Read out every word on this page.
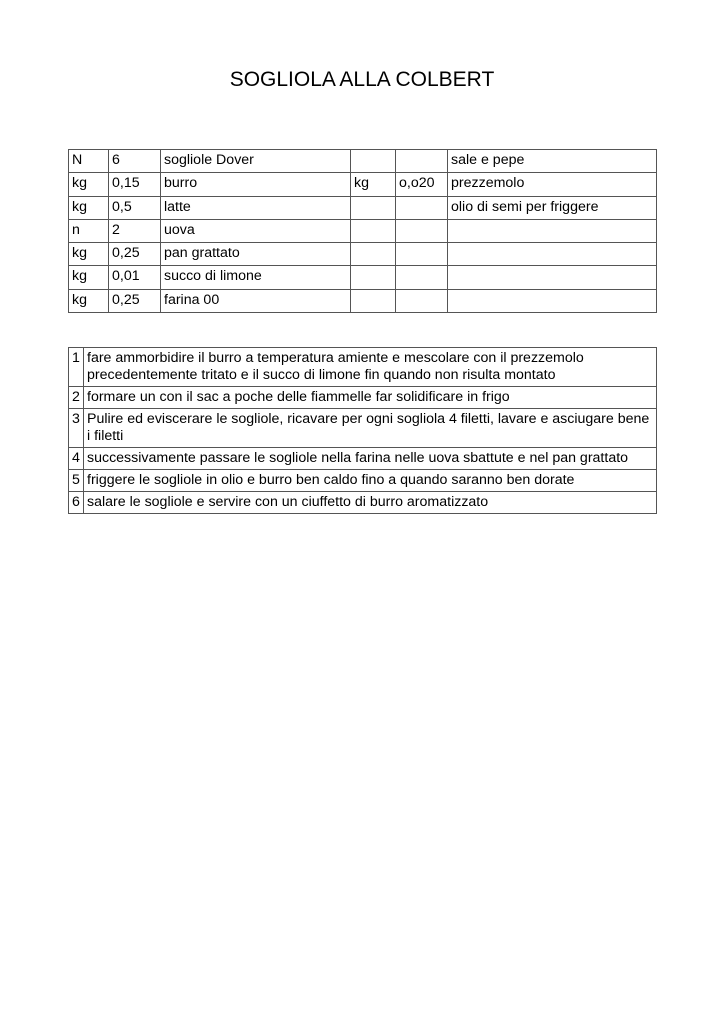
SOGLIOLA ALLA COLBERT
N	6	sogliole Dover			sale e pepe
kg	0,15	burro	kg	o,o20	prezzemolo
kg	0,5	latte			olio di semi per friggere
n	2	uova			
kg	0,25	pan grattato			
kg	0,01	succo di limone			
kg	0,25	farina 00			
1	fare ammorbidire il burro a temperatura amiente e mescolare con il prezzemolo precedentemente tritato e il succo di limone fin quando non risulta montato
2	formare un con il sac a poche delle fiammelle far solidificare in frigo
3	Pulire ed eviscerare le sogliole, ricavare per ogni sogliola 4 filetti, lavare e asciugare bene i filetti
4	successivamente passare le sogliole nella farina nelle uova sbattute e nel pan grattato
5	friggere le sogliole in olio e burro ben caldo fino a quando saranno ben dorate
6	salare le sogliole e servire con un ciuffetto di burro aromatizzato
